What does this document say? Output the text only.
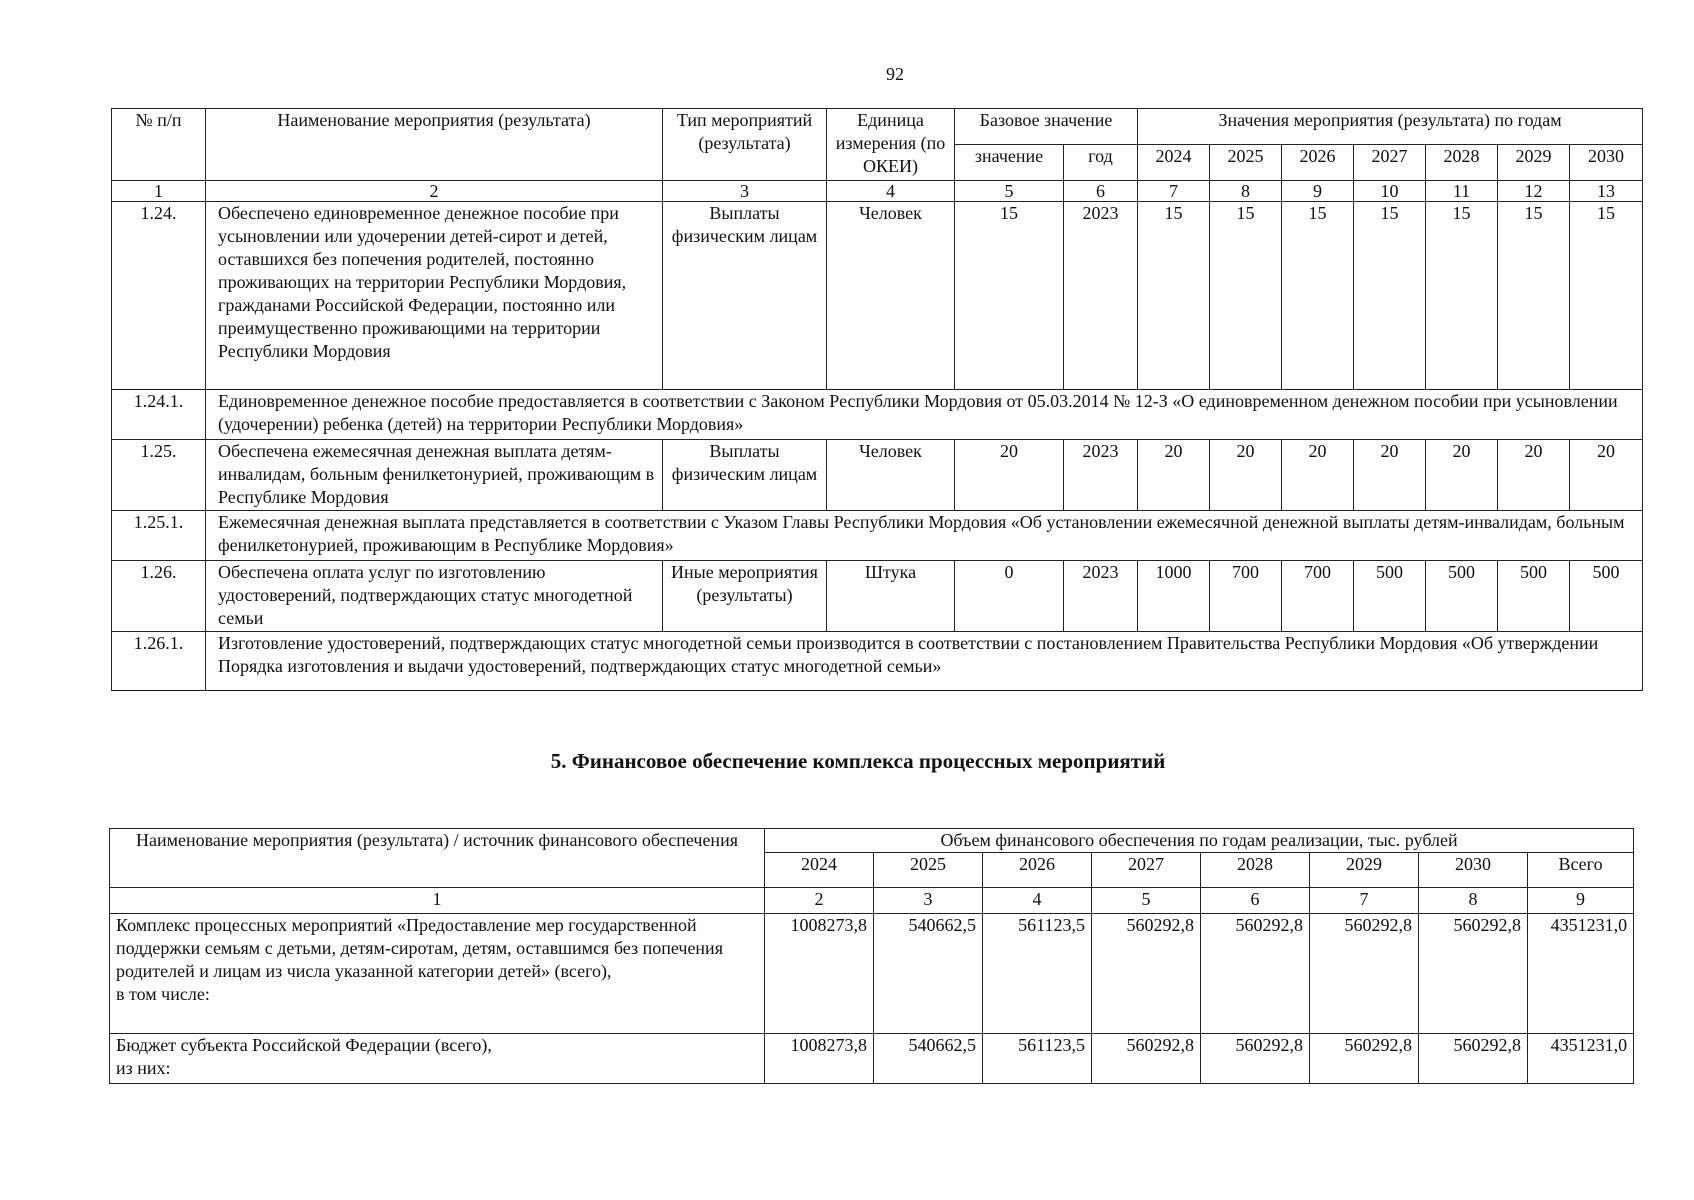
92
№ п/п	Наименование мероприятия (результата)	Тип мероприятий (результата)	Единица измерения (по ОКЕИ)	Базовое значение		Значения мероприятия (результата) по годам						
				значение	год	2024	2025	2026	2027	2028	2029	2030
1	2	3	4	5	6	7	8	9	10	11	12	13
1.24.	Обеспечено единовременное денежное пособие при усыновлении или удочерении детей-сирот и детей, оставшихся без попечения родителей, постоянно проживающих на территории Республики Мордовия, гражданами Российской Федерации, постоянно или преимущественно проживающими на территории Республики Мордовия	Выплаты физическим лицам	Человек	15	2023	15	15	15	15	15	15	15
1.24.1.	Единовременное денежное пособие предоставляется в соответствии с Законом Республики Мордовия от 05.03.2014 № 12-З «О единовременном денежном пособии при усыновлении (удочерении) ребенка (детей) на территории Республики Мордовия»											
1.25.	Обеспечена ежемесячная денежная выплата детям-инвалидам, больным фенилкетонурией, проживающим в Республике Мордовия	Выплаты физическим лицам	Человек	20	2023	20	20	20	20	20	20	20
1.25.1.	Ежемесячная денежная выплата представляется в соответствии с Указом Главы Республики Мордовия «Об установлении ежемесячной денежной выплаты детям-инвалидам, больным фенилкетонурией, проживающим в Республике Мордовия»											
1.26.	Обеспечена оплата услуг по изготовлению удостоверений, подтверждающих статус многодетной семьи	Иные мероприятия (результаты)	Штука	0	2023	1000	700	700	500	500	500	500
1.26.1.	Изготовление удостоверений, подтверждающих статус многодетной семьи производится в соответствии с постановлением Правительства Республики Мордовия «Об утверждении Порядка изготовления и выдачи удостоверений, подтверждающих статус многодетной семьи»											
5. Финансовое обеспечение комплекса процессных мероприятий
Наименование мероприятия (результата) / источник финансового обеспечения	Объем финансового обеспечения по годам реализации, тыс. рублей							
	2024	2025	2026	2027	2028	2029	2030	Всего
1	2	3	4	5	6	7	8	9
Комплекс процессных мероприятий «Предоставление мер государственной поддержки семьям с детьми, детям-сиротам, детям, оставшимся без попечения родителей и лицам из числа указанной категории детей» (всего),
в том числе:	1008273,8	540662,5	561123,5	560292,8	560292,8	560292,8	560292,8	4351231,0
Бюджет субъекта Российской Федерации (всего),
из них:	1008273,8	540662,5	561123,5	560292,8	560292,8	560292,8	560292,8	4351231,0
